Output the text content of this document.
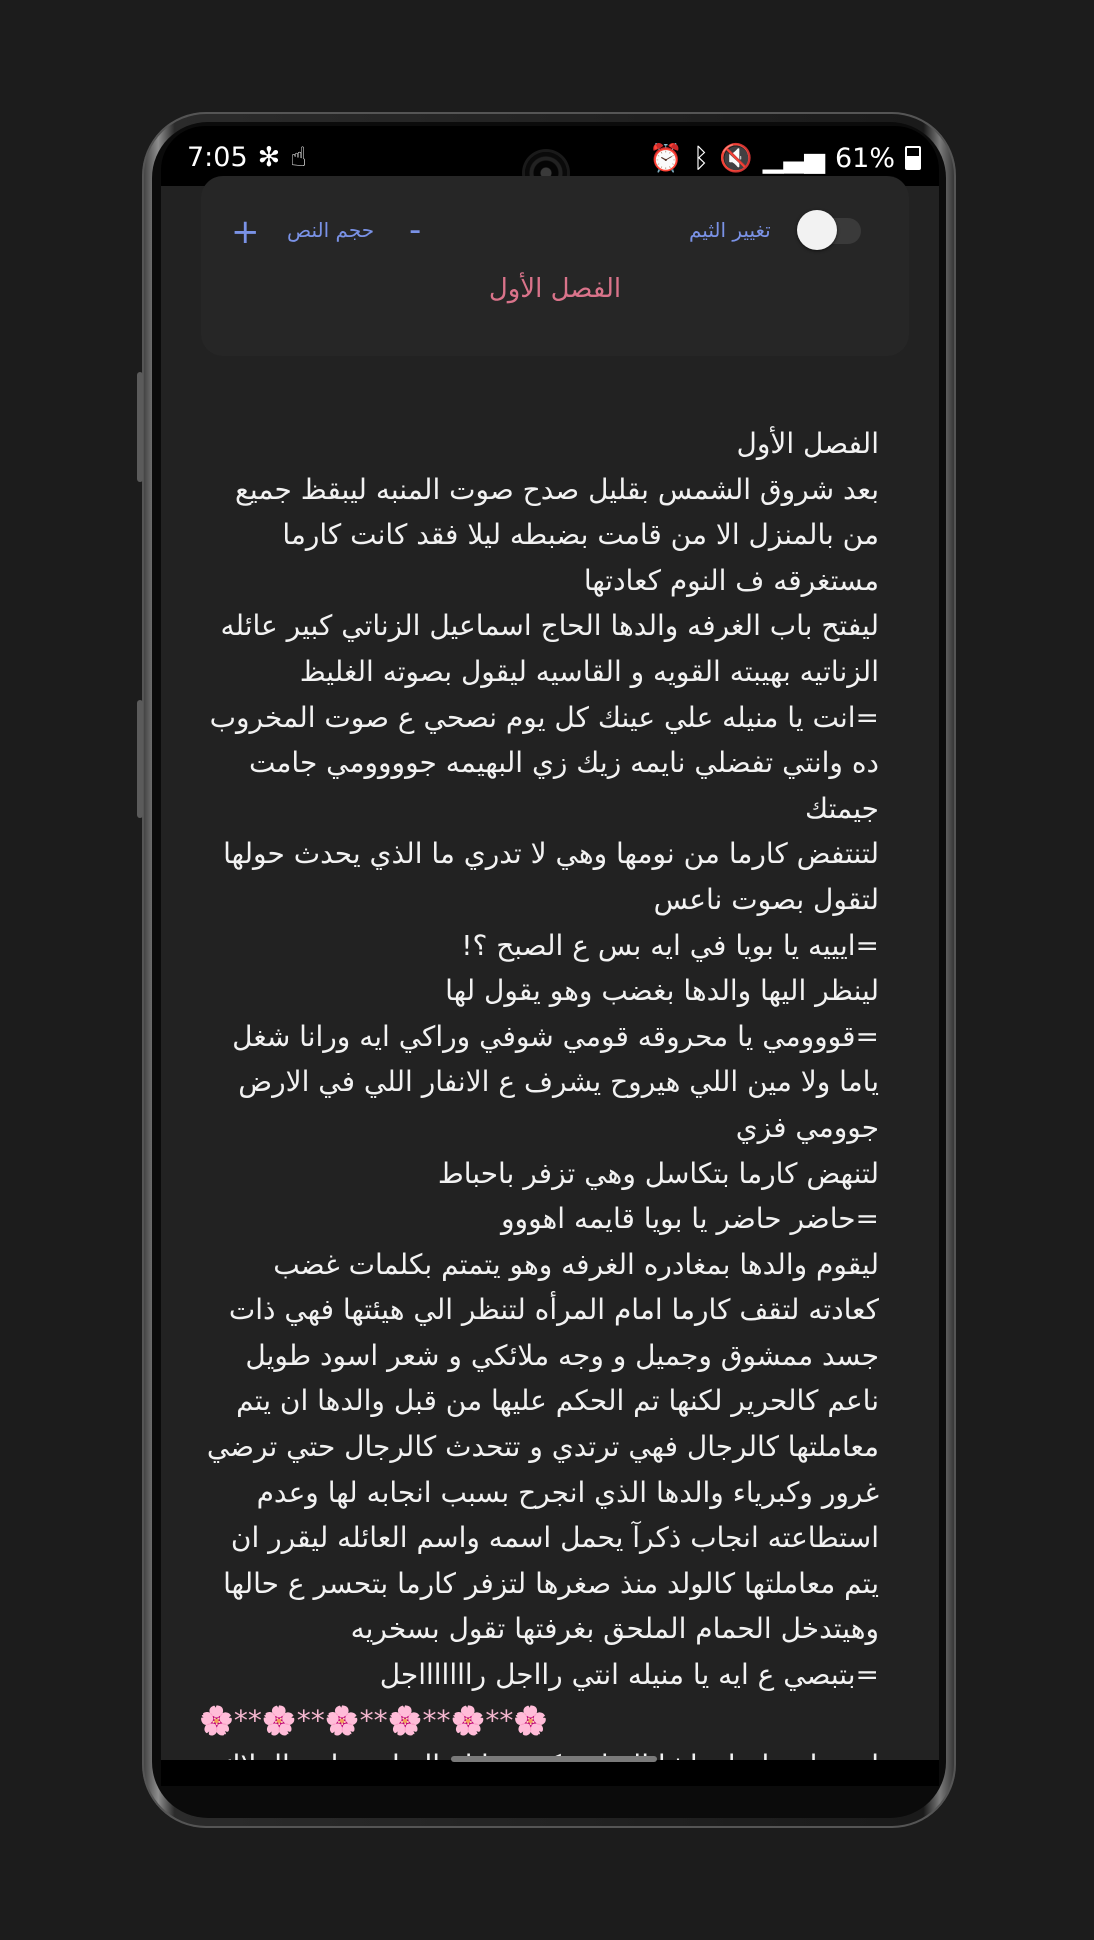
7:05 ✻ ☝	⏰ ᛒ 🔇 ▁▃▅ 61%
+ حجم النص -	تغيير الثيم
الفصل الأول

الفصل الأول

بعد شروق الشمس بقليل صدح صوت المنبه ليبقظ جميع من بالمنزل الا من قامت بضبطه ليلا فقد كانت كارما مستغرقه ف النوم كعادتها

ليفتح باب الغرفه والدها الحاج اسماعيل الزناتي كبير عائله الزناتيه بهيبته القويه و القاسيه ليقول بصوته الغليظ

=انت يا منيله علي عينك كل يوم نصحي ع صوت المخروب ده وانتي تفضلي نايمه زيك زي البهيمه جوووومي جامت جيمتك

لتنتفض كارما من نومها وهي لا تدري ما الذي يحدث حولها لتقول بصوت ناعس

=ايييه يا بويا في ايه بس ع الصبح ؟!

لينظر اليها والدها بغضب وهو يقول لها

=قووومي يا محروقه قومي شوفي وراكي ايه ورانا شغل ياما ولا مين اللي هيروح يشرف ع الانفار اللي في الارض جوومي فزي

لتنهض كارما بتكاسل وهي تزفر باحباط

=حاضر حاضر يا بويا قايمه اهووو

ليقوم والدها بمغادره الغرفه وهو يتمتم بكلمات غضب كعادته لتقف كارما امام المرأه لتنظر الي هيئتها فهي ذات جسد ممشوق وجميل و وجه ملائكي و شعر اسود طويل ناعم كالحرير لكنها تم الحكم عليها من قبل والدها ان يتم معاملتها كالرجال فهي ترتدي و تتحدث كالرجال حتي ترضي غرور وكبرياء والدها الذي انجرح بسبب انجابه لها وعدم استطاعته انجاب ذكرآ يحمل اسمه واسم العائله ليقرر ان يتم معاملتها كالولد منذ صغرها لتزفر كارما بتحسر ع حالها

وهيتدخل الحمام الملحق بغرفتها تقول بسخريه

=بتبصي ع ايه يا منيله انتي رااجل راااااااجل

🌸**🌸**🌸**🌸**🌸**🌸
